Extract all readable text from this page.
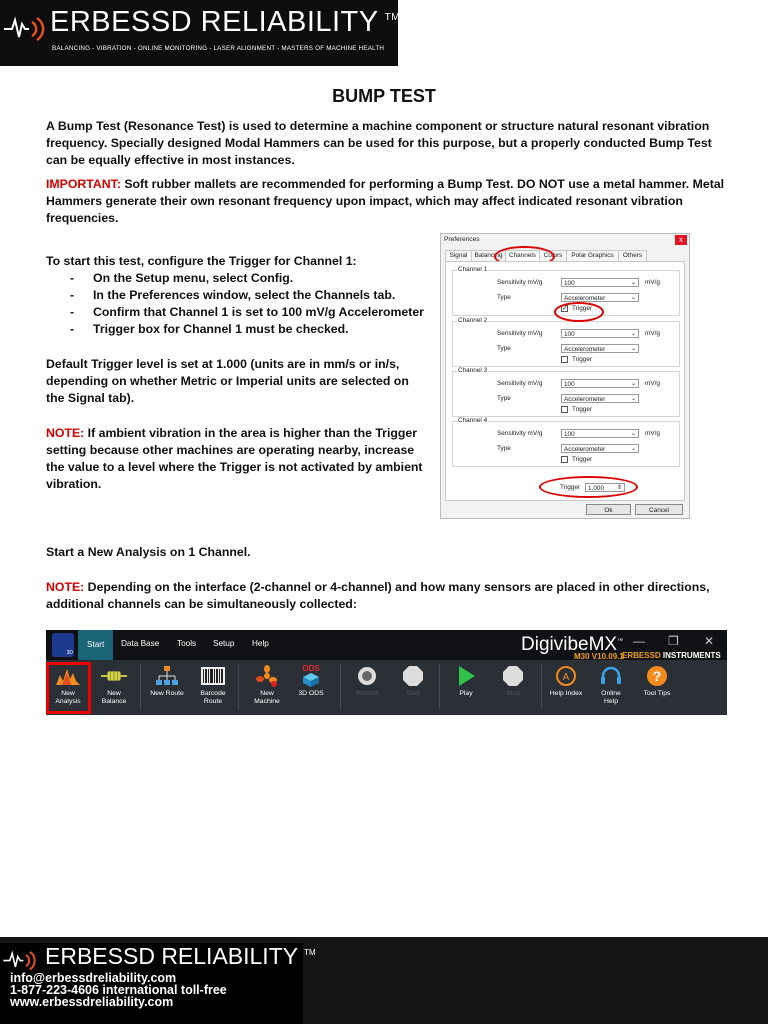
ERBESSD RELIABILITY ™
BALANCING - VIBRATION - ONLINE MONITORING - LASER ALIGNMENT - MASTERS OF MACHINE HEALTH
BUMP TEST
A Bump Test (Resonance Test) is used to determine a machine component or structure natural resonant vibration frequency. Specially designed Modal Hammers can be used for this purpose, but a properly conducted Bump Test can be equally effective in most instances.
IMPORTANT: Soft rubber mallets are recommended for performing a Bump Test. DO NOT use a metal hammer. Metal Hammers generate their own resonant frequency upon impact, which may affect indicated resonant vibration frequencies.
To start this test, configure the Trigger for Channel 1:
- On the Setup menu, select Config.
- In the Preferences window, select the Channels tab.
- Confirm that Channel 1 is set to 100 mV/g Accelerometer
- Trigger box for Channel 1 must be checked.
Default Trigger level is set at 1.000 (units are in mm/s or in/s, depending on whether Metric or Imperial units are selected on the Signal tab).
NOTE: If ambient vibration in the area is higher than the Trigger setting because other machines are operating nearby, increase the value to a level where the Trigger is not activated by ambient vibration.
Start a New Analysis on 1 Channel.
NOTE: Depending on the interface (2-channel or 4-channel) and how many sensors are placed in other directions, additional channels can be simultaneously collected:
Preferences	x
Signal	Balancing	Channels	Colors	Polar Graphics	Others
Channel 1
Sensitivity mV/g	100	⌄ mV/g
Type	Accelerometer	⌄
✓ Trigger
Channel 2
Sensitivity mV/g	100	⌄ mV/g
Type	Accelerometer	⌄
Trigger
Channel 3
Sensitivity mV/g	100	⌄ mV/g
Type	Accelerometer	⌄
Trigger
Channel 4
Sensitivity mV/g	100	⌄ mV/g
Type	Accelerometer	⌄
Trigger
Trigger	1.000 ⇕
Ok	Cancel
3D
Start	Data Base Tools Setup Help	DigivibeMX™
M30 V10.09.1
ERBESSD INSTRUMENTS
— ❐ ✕
New
Analysis
New
Balance
New Route	Barcode
Route
New
Machine
ODS
3D ODS	Record	Stop	Play	Stop
A
Help Index	Online
Help
?
Tool Tips
ERBESSD RELIABILITY ™
info@erbessdreliability.com
1-877-223-4606 international toll-free
www.erbessdreliability.com
